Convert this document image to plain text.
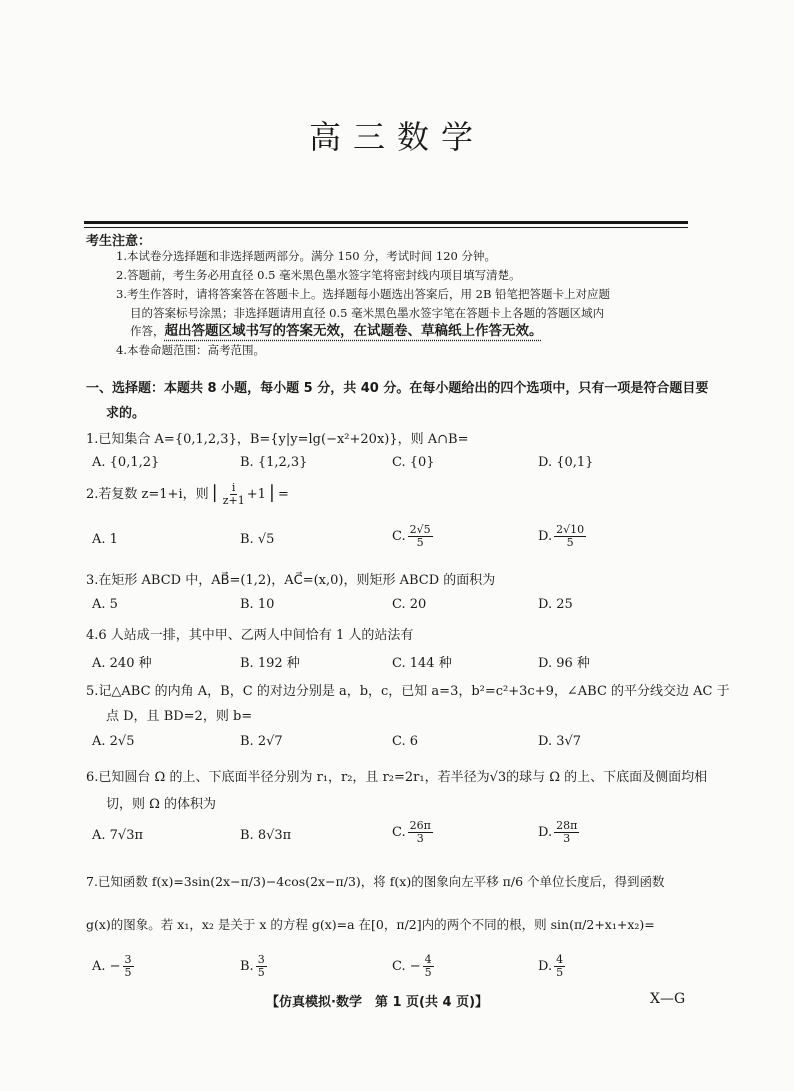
高三数学
考生注意：
1.本试卷分选择题和非选择题两部分。满分 150 分，考试时间 120 分钟。
2.答题前，考生务必用直径 0.5 毫米黑色墨水签字笔将密封线内项目填写清楚。
3.考生作答时，请将答案答在答题卡上。选择题每小题选出答案后，用 2B 铅笔把答题卡上对应题
目的答案标号涂黑；非选择题请用直径 0.5 毫米黑色墨水签字笔在答题卡上各题的答题区域内
作答，超出答题区域书写的答案无效，在试题卷、草稿纸上作答无效。
4.本卷命题范围：高考范围。
一、选择题：本题共 8 小题，每小题 5 分，共 40 分。在每小题给出的四个选项中，只有一项是符合题目要
求的。
1.已知集合 A={0,1,2,3}，B={y|y=lg(−x²+20x)}，则 A∩B=
A. {0,1,2}	B. {1,2,3}	C. {0}	D. {0,1}
2.若复数 z=1+i，则 | $\frac{i}{z+1} +1$ | =
A. 1	B. √5	C. $\frac{2√5}{5}$	D. $\frac{2√10}{5}$
3.在矩形 ABCD 中，AB⃗=(1,2)，AC⃗=(x,0)，则矩形 ABCD 的面积为
A. 5	B. 10	C. 20	D. 25
4.6 人站成一排，其中甲、乙两人中间恰有 1 人的站法有
A. 240 种	B. 192 种	C. 144 种	D. 96 种
5.记△ABC 的内角 A，B，C 的对边分别是 a，b，c，已知 a=3，b²=c²+3c+9，∠ABC 的平分线交边 AC 于
点 D，且 BD=2，则 b=
A. 2√5	B. 2√7	C. 6	D. 3√7
6.已知圆台 Ω 的上、下底面半径分别为 r₁，r₂，且 r₂=2r₁，若半径为√3的球与 Ω 的上、下底面及侧面均相
切，则 Ω 的体积为
A. 7√3π	B. 8√3π	C. $\frac{26\pi}{3}$	D. $\frac{28\pi}{3}$
7.已知函数 f(x)=3sin(2x−π/3)−4cos(2x−π/3)，将 f(x)的图象向左平移 π/6 个单位长度后，得到函数
g(x)的图象。若 x₁，x₂ 是关于 x 的方程 g(x)=a 在[0，π/2]内的两个不同的根，则 sin(π/2+x₁+x₂)=
A. − $\frac{3}{5}$	B. $\frac{3}{5}$	C. − $\frac{4}{5}$	D. $\frac{4}{5}$
【仿真模拟·数学　第 1 页(共 4 页)】	X—G
